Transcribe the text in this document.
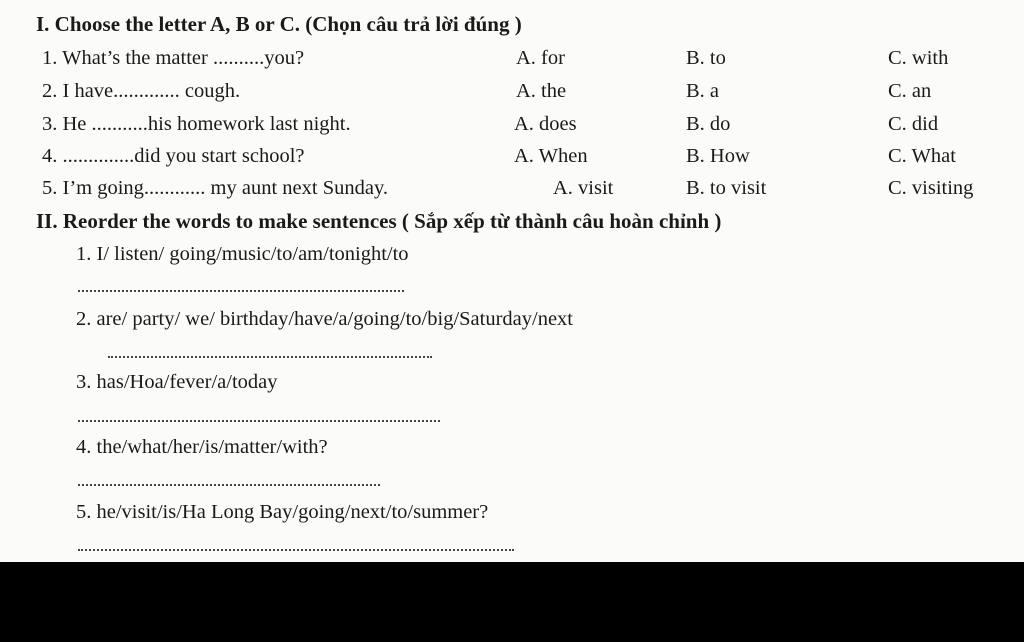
I. Choose the letter A, B or C. (Chọn câu trả lời đúng )
1. What’s the matter ..........you?	A. for	B. to	C. with
2. I have............. cough.	A. the	B. a	C. an
3. He ...........his homework last night.	A. does	B. do	C. did
4. ..............did you start school?	A. When	B. How	C. What
5. I’m going............ my aunt next Sunday.	A. visit	B. to visit	C. visiting
II. Reorder the words to make sentences ( Sắp xếp từ thành câu hoàn chỉnh )
1. I/ listen/ going/music/to/am/tonight/to
2. are/ party/ we/ birthday/have/a/going/to/big/Saturday/next
3. has/Hoa/fever/a/today
4. the/what/her/is/matter/with?
5. he/visit/is/Ha Long Bay/going/next/to/summer?
